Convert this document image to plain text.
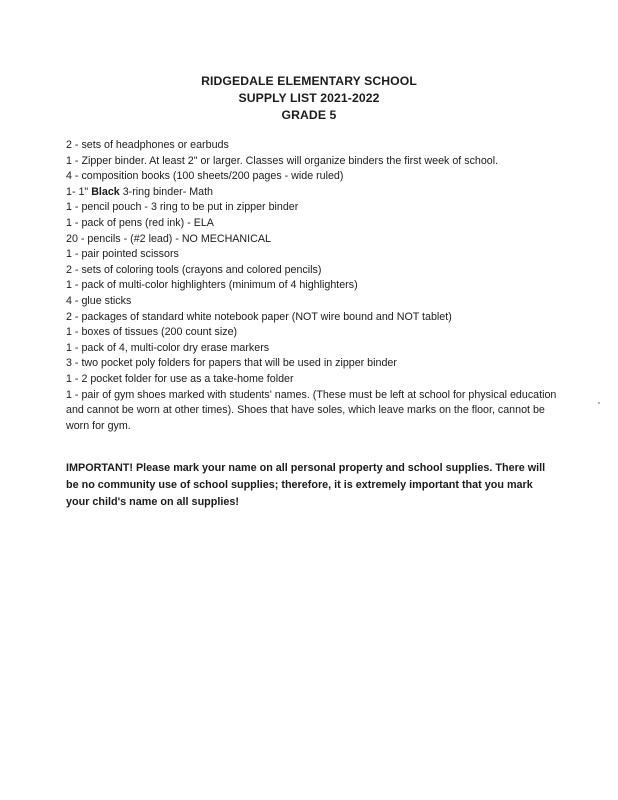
RIDGEDALE ELEMENTARY SCHOOL
SUPPLY LIST 2021-2022
GRADE 5
2 - sets of headphones or earbuds
1 - Zipper binder. At least 2" or larger. Classes will organize binders the first week of school.
4 - composition books (100 sheets/200 pages - wide ruled)
1- 1" Black 3-ring binder- Math
1 - pencil pouch - 3 ring to be put in zipper binder
1 - pack of pens (red ink) - ELA
20 - pencils - (#2 lead) - NO MECHANICAL
1 - pair pointed scissors
2 - sets of coloring tools (crayons and colored pencils)
1 - pack of multi-color highlighters (minimum of 4 highlighters)
4 - glue sticks
2 - packages of standard white notebook paper (NOT wire bound and NOT tablet)
1 - boxes of tissues (200 count size)
1 - pack of 4, multi-color dry erase markers
3 - two pocket poly folders for papers that will be used in zipper binder
1 - 2 pocket folder for use as a take-home folder
1 - pair of gym shoes marked with students' names. (These must be left at school for physical education and cannot be worn at other times). Shoes that have soles, which leave marks on the floor, cannot be worn for gym.
IMPORTANT! Please mark your name on all personal property and school supplies. There will be no community use of school supplies; therefore, it is extremely important that you mark your child's name on all supplies!
